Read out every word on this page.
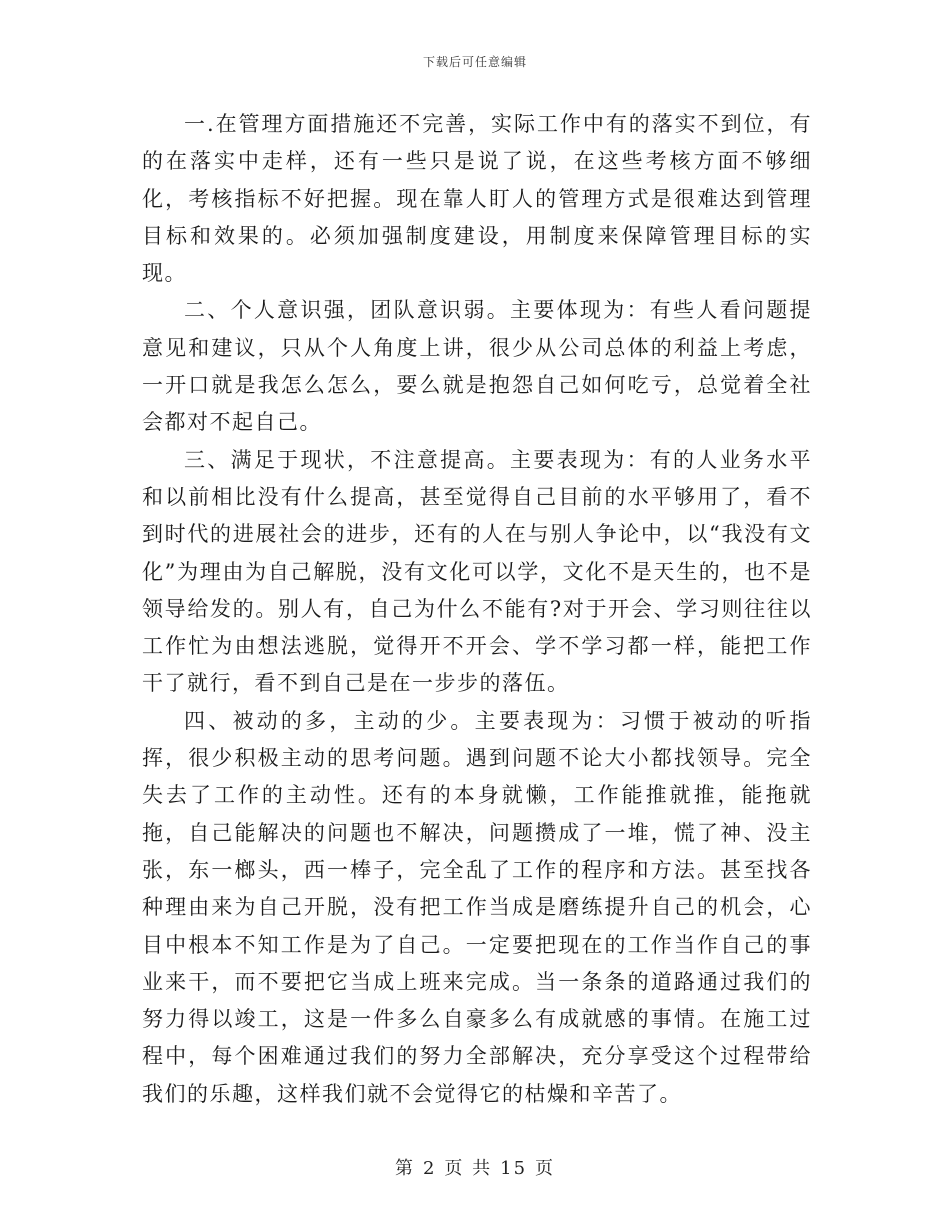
下载后可任意编辑

一.在管理方面措施还不完善，实际工作中有的落实不到位，有的在落实中走样，还有一些只是说了说，在这些考核方面不够细化，考核指标不好把握。现在靠人盯人的管理方式是很难达到管理目标和效果的。必须加强制度建设，用制度来保障管理目标的实现。

二、个人意识强，团队意识弱。主要体现为：有些人看问题提意见和建议，只从个人角度上讲，很少从公司总体的利益上考虑，一开口就是我怎么怎么，要么就是抱怨自己如何吃亏，总觉着全社会都对不起自己。

三、满足于现状，不注意提高。主要表现为：有的人业务水平和以前相比没有什么提高，甚至觉得自己目前的水平够用了，看不到时代的进展社会的进步，还有的人在与别人争论中，以“我没有文化”为理由为自己解脱，没有文化可以学，文化不是天生的，也不是领导给发的。别人有，自己为什么不能有?对于开会、学习则往往以工作忙为由想法逃脱，觉得开不开会、学不学习都一样，能把工作干了就行，看不到自己是在一步步的落伍。

四、被动的多，主动的少。主要表现为：习惯于被动的听指挥，很少积极主动的思考问题。遇到问题不论大小都找领导。完全失去了工作的主动性。还有的本身就懒，工作能推就推，能拖就拖，自己能解决的问题也不解决，问题攒成了一堆，慌了神、没主张，东一榔头，西一棒子，完全乱了工作的程序和方法。甚至找各种理由来为自己开脱，没有把工作当成是磨练提升自己的机会，心目中根本不知工作是为了自己。一定要把现在的工作当作自己的事业来干，而不要把它当成上班来完成。当一条条的道路通过我们的努力得以竣工，这是一件多么自豪多么有成就感的事情。在施工过程中，每个困难通过我们的努力全部解决，充分享受这个过程带给我们的乐趣，这样我们就不会觉得它的枯燥和辛苦了。

第 2 页 共 15 页
